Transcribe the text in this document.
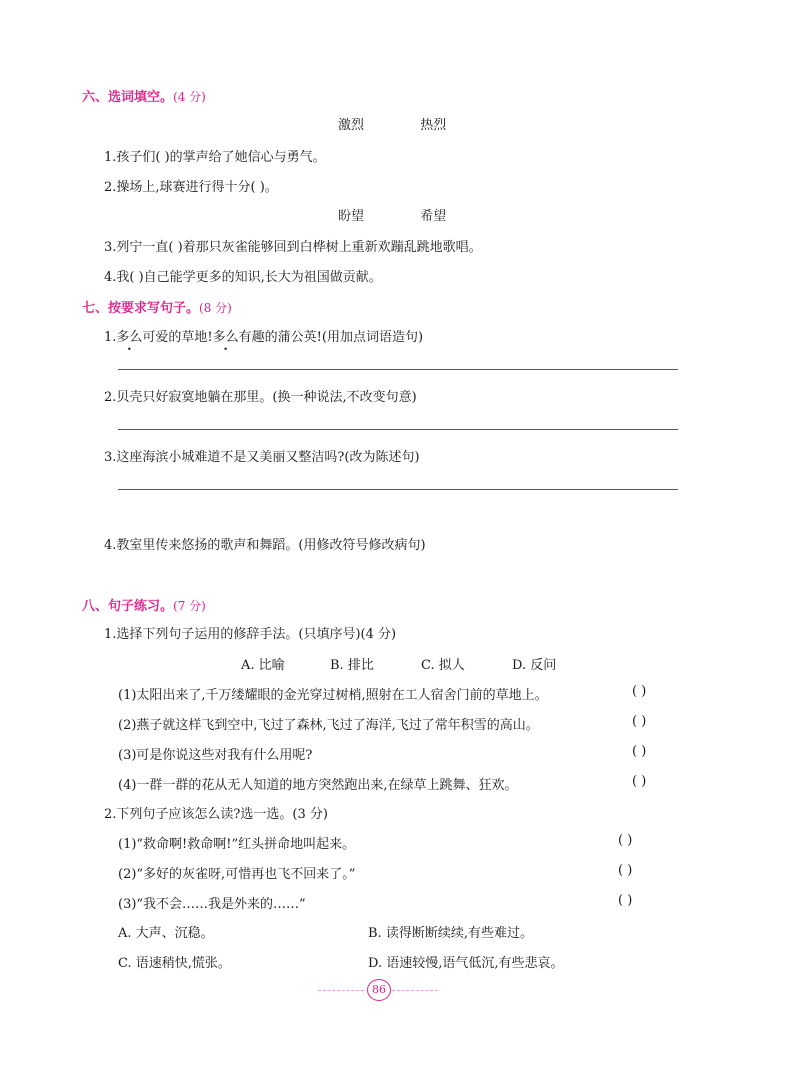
六、选词填空。(4 分)
激烈	热烈
1.孩子们( )的掌声给了她信心与勇气。
2.操场上,球赛进行得十分( )。
盼望	希望
3.列宁一直( )着那只灰雀能够回到白桦树上重新欢蹦乱跳地歌唱。
4.我( )自己能学更多的知识,长大为祖国做贡献。
七、按要求写句子。(8 分)
1.多么可爱的草地!多么有趣的蒲公英!(用加点词语造句)
2.贝壳只好寂寞地躺在那里。(换一种说法,不改变句意)
3.这座海滨小城难道不是又美丽又整洁吗?(改为陈述句)
4.教室里传来悠扬的歌声和舞蹈。(用修改符号修改病句)
八、句子练习。(7 分)
1.选择下列句子运用的修辞手法。(只填序号)(4 分)
A. 比喻	B. 排比	C. 拟人	D. 反问
(1)太阳出来了,千万缕耀眼的金光穿过树梢,照射在工人宿舍门前的草地上。	( )
(2)燕子就这样飞到空中,飞过了森林,飞过了海洋,飞过了常年积雪的高山。	( )
(3)可是你说这些对我有什么用呢?	( )
(4)一群一群的花从无人知道的地方突然跑出来,在绿草上跳舞、狂欢。	( )
2.下列句子应该怎么读?选一选。(3 分)
(1)“救命啊!救命啊!”红头拼命地叫起来。	( )
(2)“多好的灰雀呀,可惜再也飞不回来了。”	( )
(3)“我不会……我是外来的……”	( )
A. 大声、沉稳。	B. 读得断断续续,有些难过。
C. 语速稍快,慌张。	D. 语速较慢,语气低沉,有些悲哀。
86
